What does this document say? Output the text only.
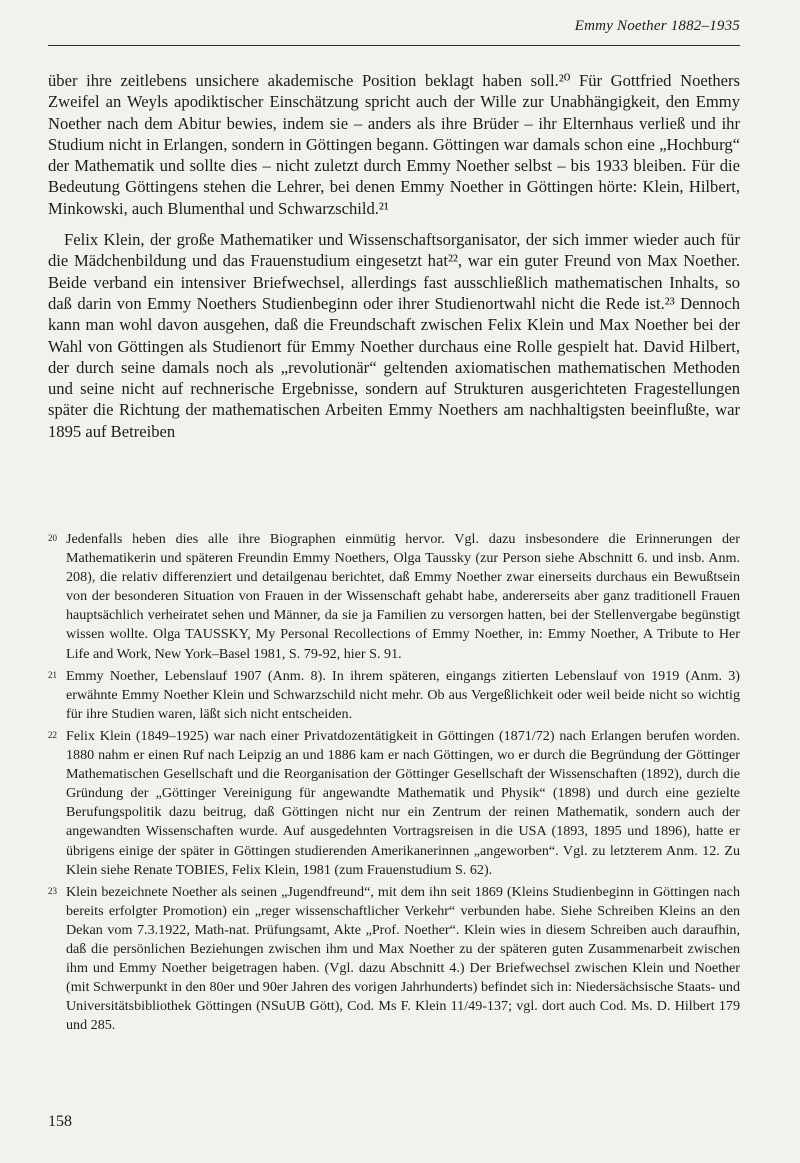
Emmy Noether 1882–1935

über ihre zeitlebens unsichere akademische Position beklagt haben soll.²⁰ Für Gottfried Noethers Zweifel an Weyls apodiktischer Einschätzung spricht auch der Wille zur Unabhängigkeit, den Emmy Noether nach dem Abitur bewies, indem sie – anders als ihre Brüder – ihr Elternhaus verließ und ihr Studium nicht in Erlangen, sondern in Göttingen begann. Göttingen war damals schon eine „Hochburg“ der Mathematik und sollte dies – nicht zuletzt durch Emmy Noether selbst – bis 1933 bleiben. Für die Bedeutung Göttingens stehen die Lehrer, bei denen Emmy Noether in Göttingen hörte: Klein, Hilbert, Minkowski, auch Blumenthal und Schwarzschild.²¹

Felix Klein, der große Mathematiker und Wissenschaftsorganisator, der sich immer wieder auch für die Mädchenbildung und das Frauenstudium eingesetzt hat²², war ein guter Freund von Max Noether. Beide verband ein intensiver Briefwechsel, allerdings fast ausschließlich mathematischen Inhalts, so daß darin von Emmy Noethers Studienbeginn oder ihrer Studienortwahl nicht die Rede ist.²³ Dennoch kann man wohl davon ausgehen, daß die Freundschaft zwischen Felix Klein und Max Noether bei der Wahl von Göttingen als Studienort für Emmy Noether durchaus eine Rolle gespielt hat. David Hilbert, der durch seine damals noch als „revolutionär“ geltenden axiomatischen mathematischen Methoden und seine nicht auf rechnerische Ergebnisse, sondern auf Strukturen ausgerichteten Fragestellungen später die Richtung der mathematischen Arbeiten Emmy Noethers am nachhaltigsten beeinflußte, war 1895 auf Betreiben

20 Jedenfalls heben dies alle ihre Biographen einmütig hervor. Vgl. dazu insbesondere die Erinnerungen der Mathematikerin und späteren Freundin Emmy Noethers, Olga Taussky (zur Person siehe Abschnitt 6. und insb. Anm. 208), die relativ differenziert und detailgenau berichtet, daß Emmy Noether zwar einerseits durchaus ein Bewußtsein von der besonderen Situation von Frauen in der Wissenschaft gehabt habe, andererseits aber ganz traditionell Frauen hauptsächlich verheiratet sehen und Männer, da sie ja Familien zu versorgen hatten, bei der Stellenvergabe begünstigt wissen wollte. Olga TAUSSKY, My Personal Recollections of Emmy Noether, in: Emmy Noether, A Tribute to Her Life and Work, New York–Basel 1981, S. 79-92, hier S. 91.
21 Emmy Noether, Lebenslauf 1907 (Anm. 8). In ihrem späteren, eingangs zitierten Lebenslauf von 1919 (Anm. 3) erwähnte Emmy Noether Klein und Schwarzschild nicht mehr. Ob aus Vergeßlichkeit oder weil beide nicht so wichtig für ihre Studien waren, läßt sich nicht entscheiden.
22 Felix Klein (1849–1925) war nach einer Privatdozentätigkeit in Göttingen (1871/72) nach Erlangen berufen worden. 1880 nahm er einen Ruf nach Leipzig an und 1886 kam er nach Göttingen, wo er durch die Begründung der Göttinger Mathematischen Gesellschaft und die Reorganisation der Göttinger Gesellschaft der Wissenschaften (1892), durch die Gründung der „Göttinger Vereinigung für angewandte Mathematik und Physik“ (1898) und durch eine gezielte Berufungspolitik dazu beitrug, daß Göttingen nicht nur ein Zentrum der reinen Mathematik, sondern auch der angewandten Wissenschaften wurde. Auf ausgedehnten Vortragsreisen in die USA (1893, 1895 und 1896), hatte er übrigens einige der später in Göttingen studierenden Amerikanerinnen „angeworben“. Vgl. zu letzterem Anm. 12. Zu Klein siehe Renate TOBIES, Felix Klein, 1981 (zum Frauenstudium S. 62).
23 Klein bezeichnete Noether als seinen „Jugendfreund“, mit dem ihn seit 1869 (Kleins Studienbeginn in Göttingen nach bereits erfolgter Promotion) ein „reger wissenschaftlicher Verkehr“ verbunden habe. Siehe Schreiben Kleins an den Dekan vom 7.3.1922, Math-nat. Prüfungsamt, Akte „Prof. Noether“. Klein wies in diesem Schreiben auch daraufhin, daß die persönlichen Beziehungen zwischen ihm und Max Noether zu der späteren guten Zusammenarbeit zwischen ihm und Emmy Noether beigetragen haben. (Vgl. dazu Abschnitt 4.) Der Briefwechsel zwischen Klein und Noether (mit Schwerpunkt in den 80er und 90er Jahren des vorigen Jahrhunderts) befindet sich in: Niedersächsische Staats- und Universitätsbibliothek Göttingen (NSuUB Gött), Cod. Ms F. Klein 11/49-137; vgl. dort auch Cod. Ms. D. Hilbert 179 und 285.
158
